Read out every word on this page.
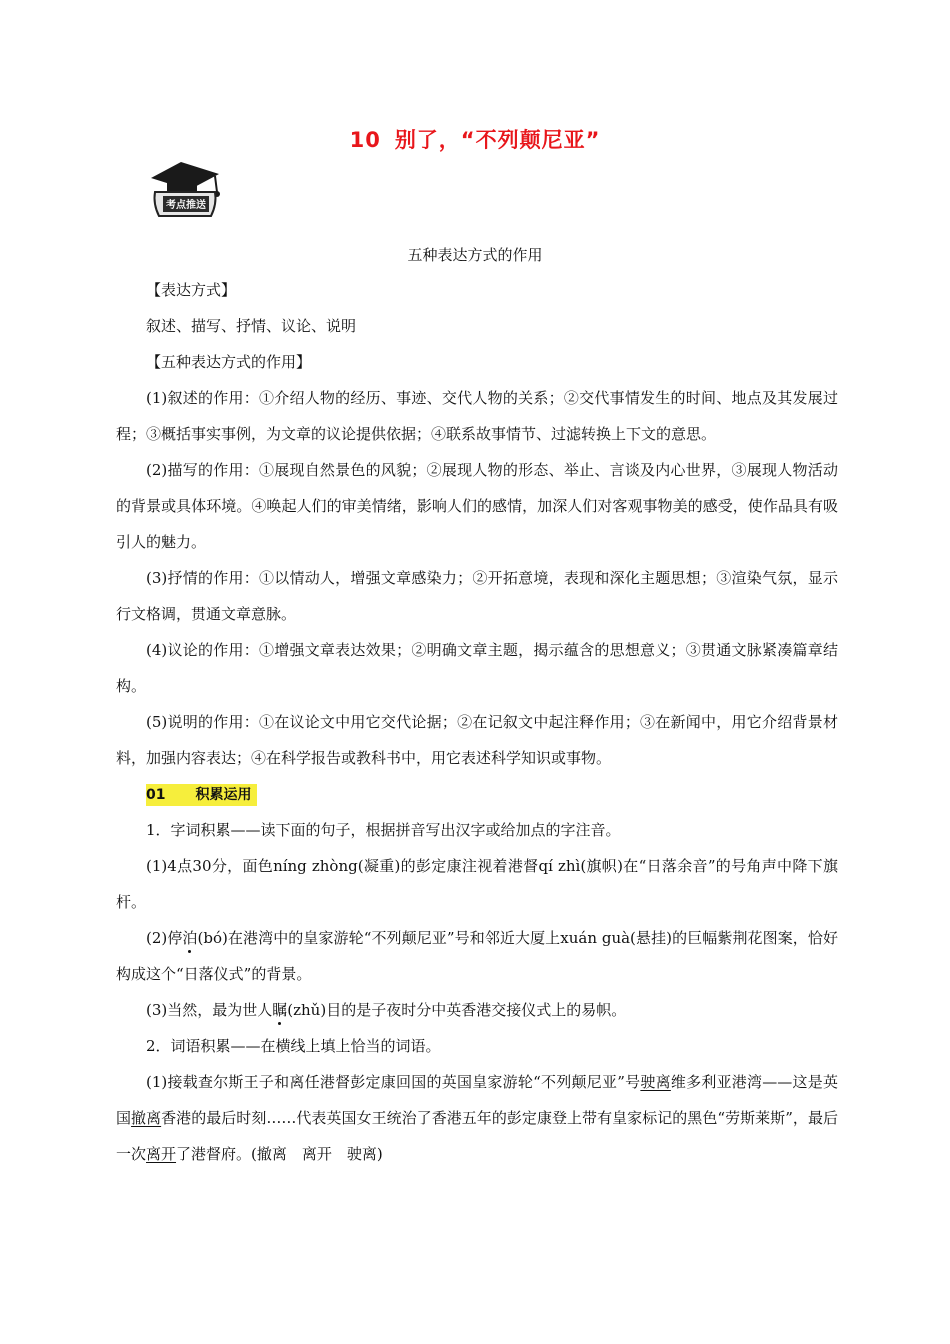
10 别了，“不列颠尼亚”
考点推送
五种表达方式的作用

【表达方式】

叙述、描写、抒情、议论、说明

【五种表达方式的作用】

(1)叙述的作用：①介绍人物的经历、事迹、交代人物的关系；②交代事情发生的时间、地点及其发展过程；③概括事实事例，为文章的议论提供依据；④联系故事情节、过滤转换上下文的意思。

(2)描写的作用：①展现自然景色的风貌；②展现人物的形态、举止、言谈及内心世界，③展现人物活动的背景或具体环境。④唤起人们的审美情绪，影响人们的感情，加深人们对客观事物美的感受，使作品具有吸引人的魅力。

(3)抒情的作用：①以情动人，增强文章感染力；②开拓意境，表现和深化主题思想；③渲染气氛，显示行文格调，贯通文章意脉。

(4)议论的作用：①增强文章表达效果；②明确文章主题，揭示蕴含的思想意义；③贯通文脉紧凑篇章结构。

(5)说明的作用：①在议论文中用它交代论据；②在记叙文中起注释作用；③在新闻中，用它介绍背景材料，加强内容表达；④在科学报告或教科书中，用它表述科学知识或事物。

01 积累运用

1．字词积累——读下面的句子，根据拼音写出汉字或给加点的字注音。

(1)4点30分，面色níng zhòng(凝重)的彭定康注视着港督qí zhì(旗帜)在“日落余音”的号角声中降下旗杆。

(2)停泊(bó)在港湾中的皇家游轮“不列颠尼亚”号和邻近大厦上xuán guà(悬挂)的巨幅紫荆花图案，恰好构成这个“日落仪式”的背景。

(3)当然，最为世人瞩(zhǔ)目的是子夜时分中英香港交接仪式上的易帜。

2．词语积累——在横线上填上恰当的词语。

(1)接载查尔斯王子和离任港督彭定康回国的英国皇家游轮“不列颠尼亚”号驶离维多利亚港湾——这是英国撤离香港的最后时刻……代表英国女王统治了香港五年的彭定康登上带有皇家标记的黑色“劳斯莱斯”，最后一次离开了港督府。(撤离　离开　驶离)
